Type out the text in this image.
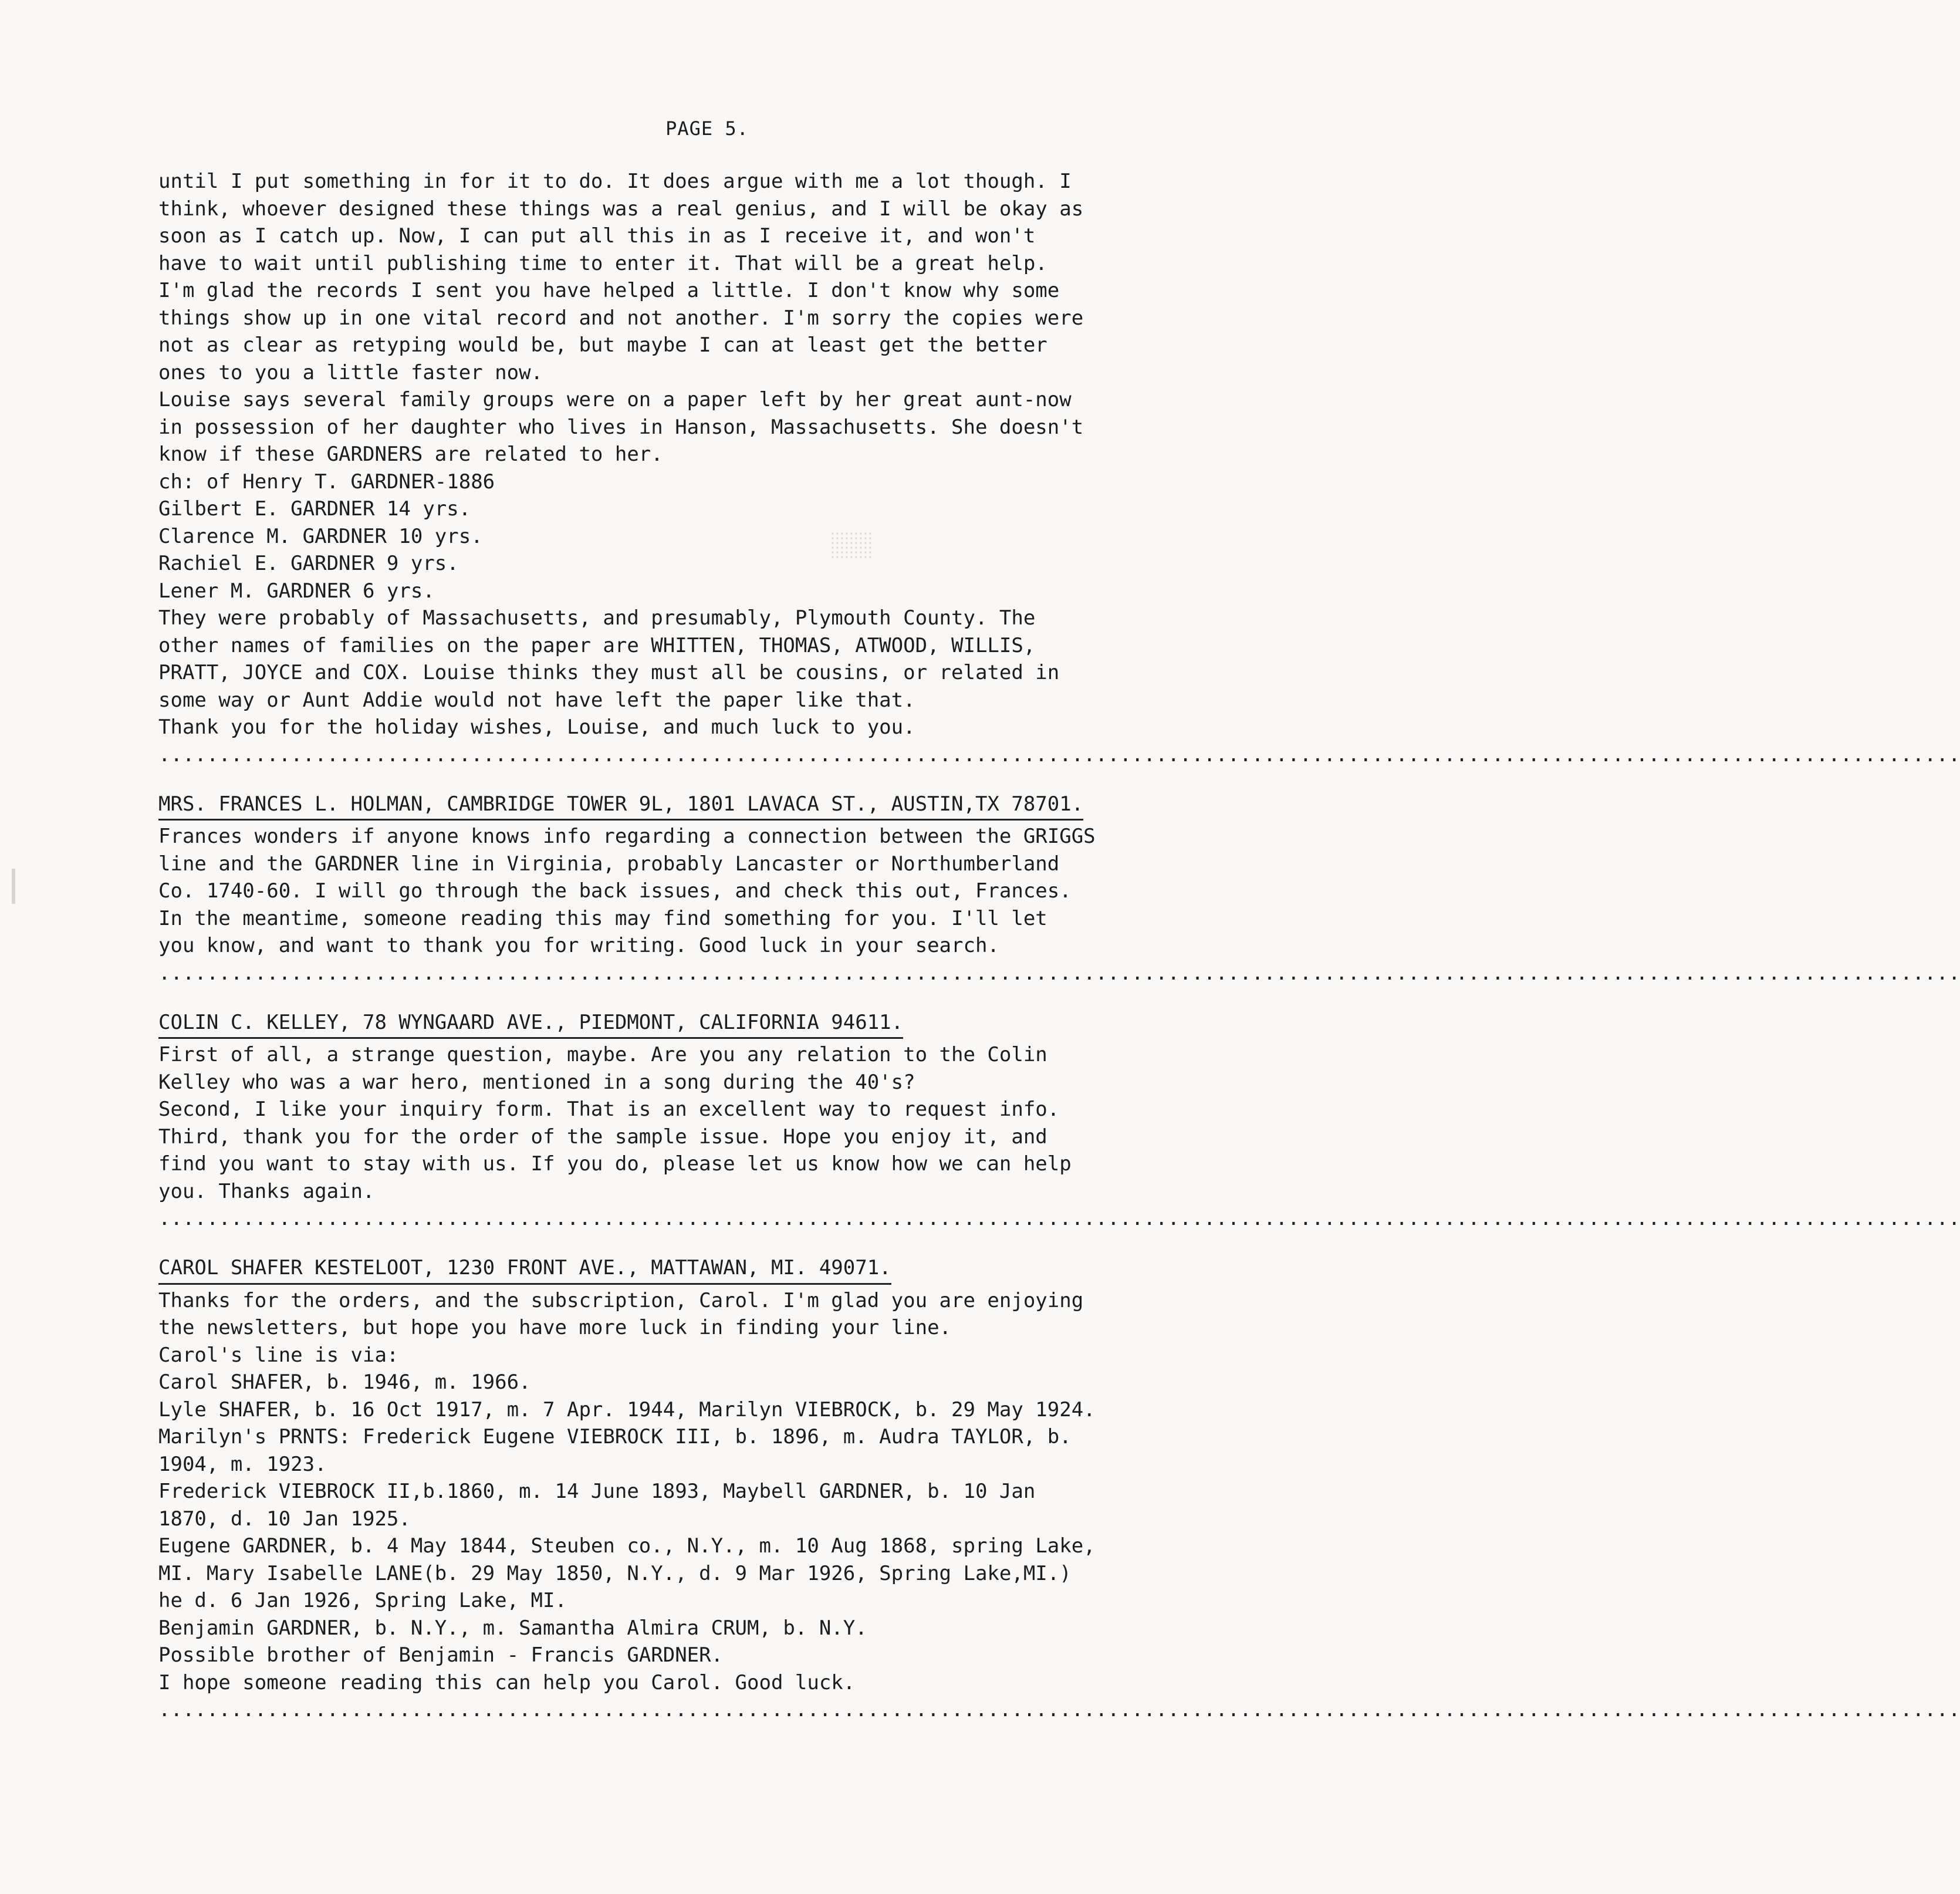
PAGE 5.
until I put something in for it to do. It does argue with me a lot though. I
think, whoever designed these things was a real genius, and I will be okay as
soon as I catch up. Now, I can put all this in as I receive it, and won't
have to wait until publishing time to enter it. That will be a great help.
I'm glad the records I sent you have helped a little. I don't know why some
things show up in one vital record and not another. I'm sorry the copies were
not as clear as retyping would be, but maybe I can at least get the better
ones to you a little faster now.
Louise says several family groups were on a paper left by her great aunt-now
in possession of her daughter who lives in Hanson, Massachusetts. She doesn't
know if these GARDNERS are related to her.
ch: of Henry T. GARDNER-1886
Gilbert E. GARDNER 14 yrs.
Clarence M. GARDNER 10 yrs.
Rachiel E. GARDNER 9 yrs.
Lener M. GARDNER 6 yrs.
They were probably of Massachusetts, and presumably, Plymouth County. The
other names of families on the paper are WHITTEN, THOMAS, ATWOOD, WILLIS,
PRATT, JOYCE and COX. Louise thinks they must all be cousins, or related in
some way or Aunt Addie would not have left the paper like that.
Thank you for the holiday wishes, Louise, and much luck to you.
......................................................................................................................................................
MRS. FRANCES L. HOLMAN, CAMBRIDGE TOWER 9L, 1801 LAVACA ST., AUSTIN,TX 78701.
Frances wonders if anyone knows info regarding a connection between the GRIGGS
line and the GARDNER line in Virginia, probably Lancaster or Northumberland
Co. 1740-60. I will go through the back issues, and check this out, Frances.
In the meantime, someone reading this may find something for you. I'll let
you know, and want to thank you for writing. Good luck in your search.
......................................................................................................................................................
COLIN C. KELLEY, 78 WYNGAARD AVE., PIEDMONT, CALIFORNIA 94611.
First of all, a strange question, maybe. Are you any relation to the Colin
Kelley who was a war hero, mentioned in a song during the 40's?
Second, I like your inquiry form. That is an excellent way to request info.
Third, thank you for the order of the sample issue. Hope you enjoy it, and
find you want to stay with us. If you do, please let us know how we can help
you. Thanks again.
......................................................................................................................................................
CAROL SHAFER KESTELOOT, 1230 FRONT AVE., MATTAWAN, MI. 49071.
Thanks for the orders, and the subscription, Carol. I'm glad you are enjoying
the newsletters, but hope you have more luck in finding your line.
Carol's line is via:
Carol SHAFER, b. 1946, m. 1966.
Lyle SHAFER, b. 16 Oct 1917, m. 7 Apr. 1944, Marilyn VIEBROCK, b. 29 May 1924.
Marilyn's PRNTS: Frederick Eugene VIEBROCK III, b. 1896, m. Audra TAYLOR, b.
1904, m. 1923.
Frederick VIEBROCK II,b.1860, m. 14 June 1893, Maybell GARDNER, b. 10 Jan
1870, d. 10 Jan 1925.
Eugene GARDNER, b. 4 May 1844, Steuben co., N.Y., m. 10 Aug 1868, spring Lake,
MI. Mary Isabelle LANE(b. 29 May 1850, N.Y., d. 9 Mar 1926, Spring Lake,MI.)
he d. 6 Jan 1926, Spring Lake, MI.
Benjamin GARDNER, b. N.Y., m. Samantha Almira CRUM, b. N.Y.
Possible brother of Benjamin - Francis GARDNER.
I hope someone reading this can help you Carol. Good luck.
......................................................................................................................................................
